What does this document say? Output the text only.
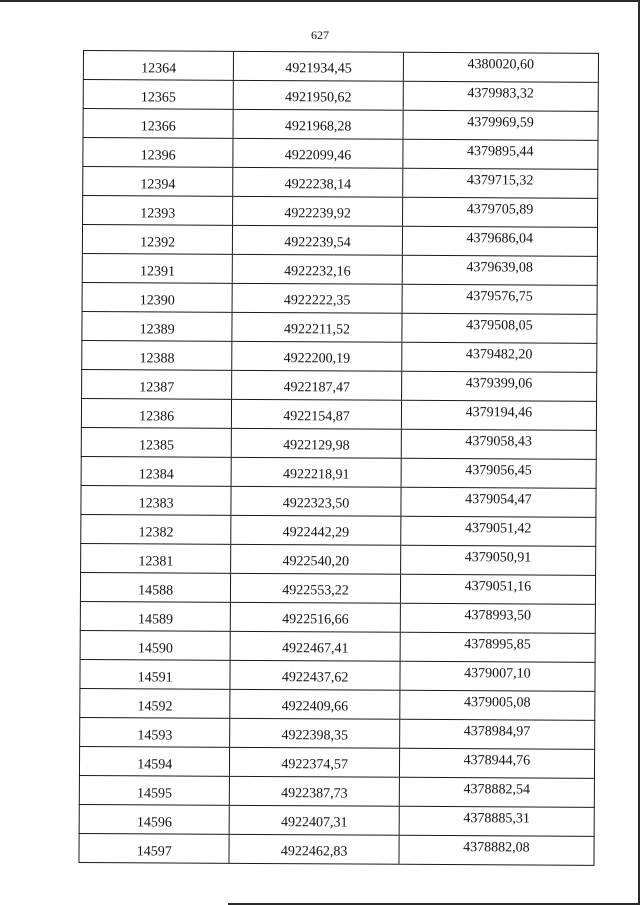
627
12364	4921934,45	4380020,60
12365	4921950,62	4379983,32
12366	4921968,28	4379969,59
12396	4922099,46	4379895,44
12394	4922238,14	4379715,32
12393	4922239,92	4379705,89
12392	4922239,54	4379686,04
12391	4922232,16	4379639,08
12390	4922222,35	4379576,75
12389	4922211,52	4379508,05
12388	4922200,19	4379482,20
12387	4922187,47	4379399,06
12386	4922154,87	4379194,46
12385	4922129,98	4379058,43
12384	4922218,91	4379056,45
12383	4922323,50	4379054,47
12382	4922442,29	4379051,42
12381	4922540,20	4379050,91
14588	4922553,22	4379051,16
14589	4922516,66	4378993,50
14590	4922467,41	4378995,85
14591	4922437,62	4379007,10
14592	4922409,66	4379005,08
14593	4922398,35	4378984,97
14594	4922374,57	4378944,76
14595	4922387,73	4378882,54
14596	4922407,31	4378885,31
14597	4922462,83	4378882,08
